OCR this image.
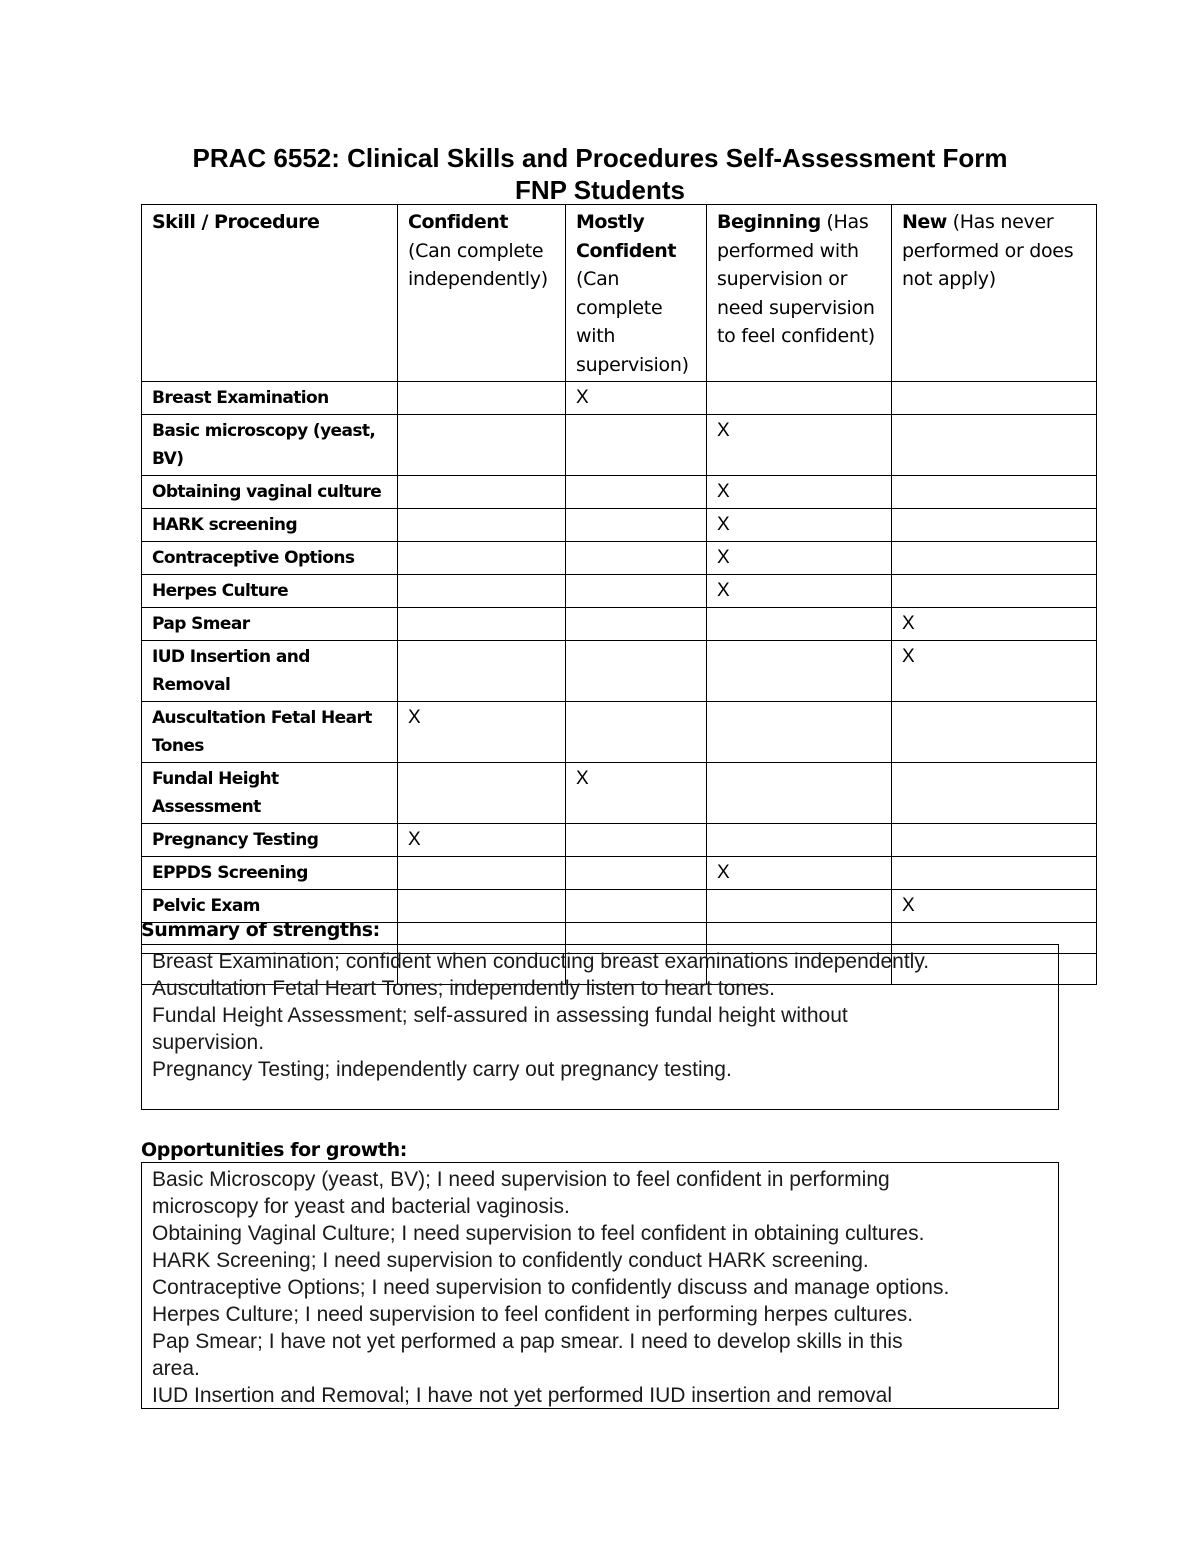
PRAC 6552: Clinical Skills and Procedures Self-Assessment Form
FNP Students
Skill / Procedure	Confident (Can complete independently)	Mostly Confident (Can complete with supervision)	Beginning (Has performed with supervision or need supervision to feel confident)	New (Has never performed or does not apply)
Breast Examination		X		
Basic microscopy (yeast, BV)			X	
Obtaining vaginal culture			X	
HARK screening			X	
Contraceptive Options			X	
Herpes Culture			X	
Pap Smear				X
IUD Insertion and Removal				X
Auscultation Fetal Heart Tones	X			
Fundal Height Assessment		X		
Pregnancy Testing	X			
EPPDS Screening			X	
Pelvic Exam				X

Summary of strengths:
Breast Examination; confident when conducting breast examinations independently.
Auscultation Fetal Heart Tones; independently listen to heart tones.
Fundal Height Assessment; self-assured in assessing fundal height without
supervision.
Pregnancy Testing; independently carry out pregnancy testing.
Opportunities for growth:
Basic Microscopy (yeast, BV); I need supervision to feel confident in performing
microscopy for yeast and bacterial vaginosis.
Obtaining Vaginal Culture; I need supervision to feel confident in obtaining cultures.
HARK Screening; I need supervision to confidently conduct HARK screening.
Contraceptive Options; I need supervision to confidently discuss and manage options.
Herpes Culture; I need supervision to feel confident in performing herpes cultures.
Pap Smear; I have not yet performed a pap smear. I need to develop skills in this
area.
IUD Insertion and Removal; I have not yet performed IUD insertion and removal
